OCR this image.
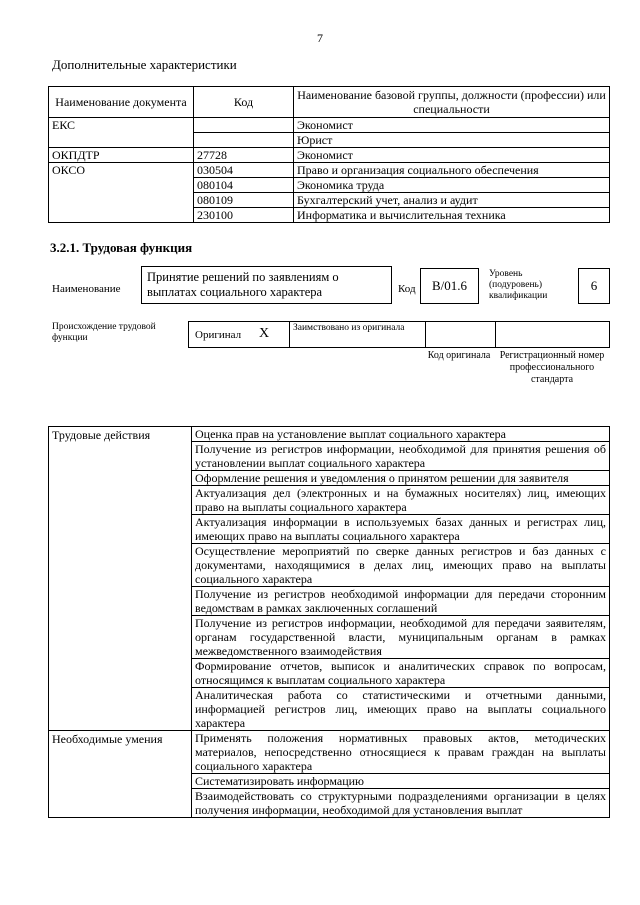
7
Дополнительные характеристики
Наименование документа	Код	Наименование базовой группы, должности (профессии) или специальности
ЕКС		Экономист
		Юрист
ОКПДТР	27728	Экономист
ОКСО	030504	Право и организация социального обеспечения
	080104	Экономика труда
	080109	Бухгалтерский учет, анализ и аудит
	230100	Информатика и вычислительная техника
3.2.1. Трудовая функция
Наименование
Принятие решений по заявлениям о выплатах социального характера	Код	B/01.6
Уровень (подуровень) квалификации
6
Происхождение трудовой функции	Оригинал X	Заимствовано из оригинала
Код оригинала Регистрационный номер профессионального стандарта
Трудовые действия	Оценка прав на установление выплат социального характера
	Получение из регистров информации, необходимой для принятия решения об установлении выплат социального характера
	Оформление решения и уведомления о принятом решении для заявителя
	Актуализация дел (электронных и на бумажных носителях) лиц, имеющих право на выплаты социального характера
	Актуализация информации в используемых базах данных и регистрах лиц, имеющих право на выплаты социального характера
	Осуществление мероприятий по сверке данных регистров и баз данных с документами, находящимися в делах лиц, имеющих право на выплаты социального характера
	Получение из регистров необходимой информации для передачи сторонним ведомствам в рамках заключенных соглашений
	Получение из регистров информации, необходимой для передачи заявителям, органам государственной власти, муниципальным органам в рамках межведомственного взаимодействия
	Формирование отчетов, выписок и аналитических справок по вопросам, относящимся к выплатам социального характера
	Аналитическая работа со статистическими и отчетными данными, информацией регистров лиц, имеющих право на выплаты социального характера
Необходимые умения	Применять положения нормативных правовых актов, методических материалов, непосредственно относящиеся к правам граждан на выплаты социального характера
	Систематизировать информацию
	Взаимодействовать со структурными подразделениями организации в целях получения информации, необходимой для установления выплат
